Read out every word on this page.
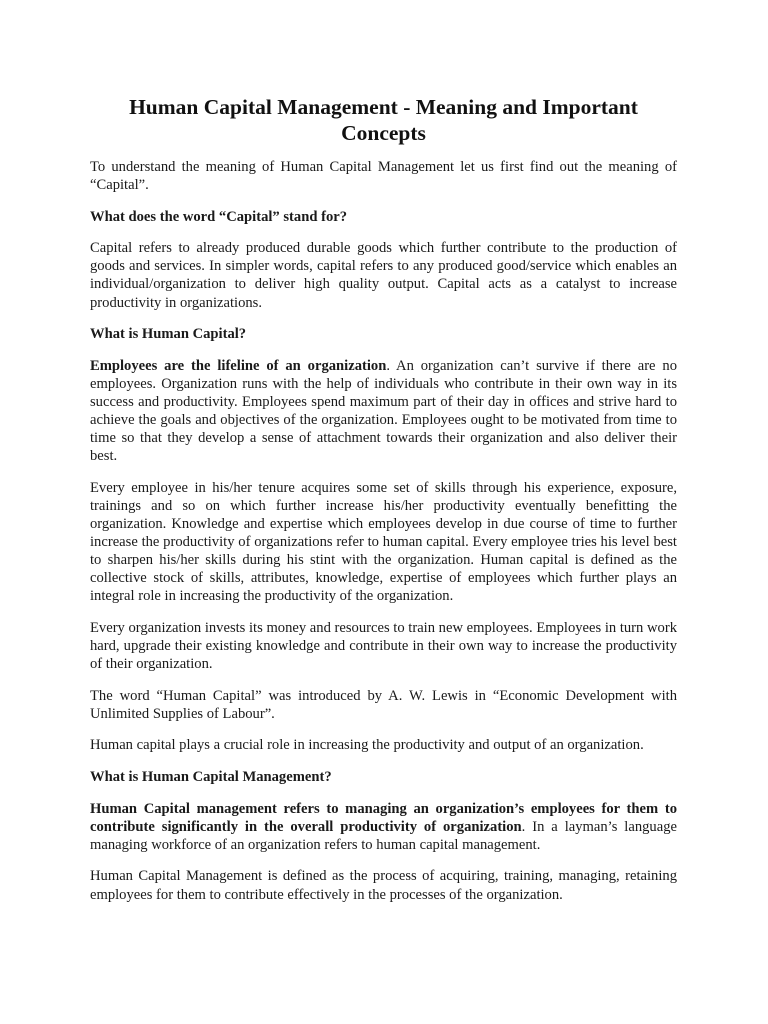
Human Capital Management - Meaning and Important Concepts

To understand the meaning of Human Capital Management let us first find out the meaning of “Capital”.

What does the word “Capital” stand for?

Capital refers to already produced durable goods which further contribute to the production of goods and services. In simpler words, capital refers to any produced good/service which enables an individual/organization to deliver high quality output. Capital acts as a catalyst to increase productivity in organizations.

What is Human Capital?

Employees are the lifeline of an organization. An organization can’t survive if there are no employees. Organization runs with the help of individuals who contribute in their own way in its success and productivity. Employees spend maximum part of their day in offices and strive hard to achieve the goals and objectives of the organization. Employees ought to be motivated from time to time so that they develop a sense of attachment towards their organization and also deliver their best.

Every employee in his/her tenure acquires some set of skills through his experience, exposure, trainings and so on which further increase his/her productivity eventually benefitting the organization. Knowledge and expertise which employees develop in due course of time to further increase the productivity of organizations refer to human capital. Every employee tries his level best to sharpen his/her skills during his stint with the organization. Human capital is defined as the collective stock of skills, attributes, knowledge, expertise of employees which further plays an integral role in increasing the productivity of the organization.

Every organization invests its money and resources to train new employees. Employees in turn work hard, upgrade their existing knowledge and contribute in their own way to increase the productivity of their organization.

The word “Human Capital” was introduced by A. W. Lewis in “Economic Development with Unlimited Supplies of Labour”.

Human capital plays a crucial role in increasing the productivity and output of an organization.

What is Human Capital Management?

Human Capital management refers to managing an organization’s employees for them to contribute significantly in the overall productivity of organization. In a layman’s language managing workforce of an organization refers to human capital management.

Human Capital Management is defined as the process of acquiring, training, managing, retaining employees for them to contribute effectively in the processes of the organization.
